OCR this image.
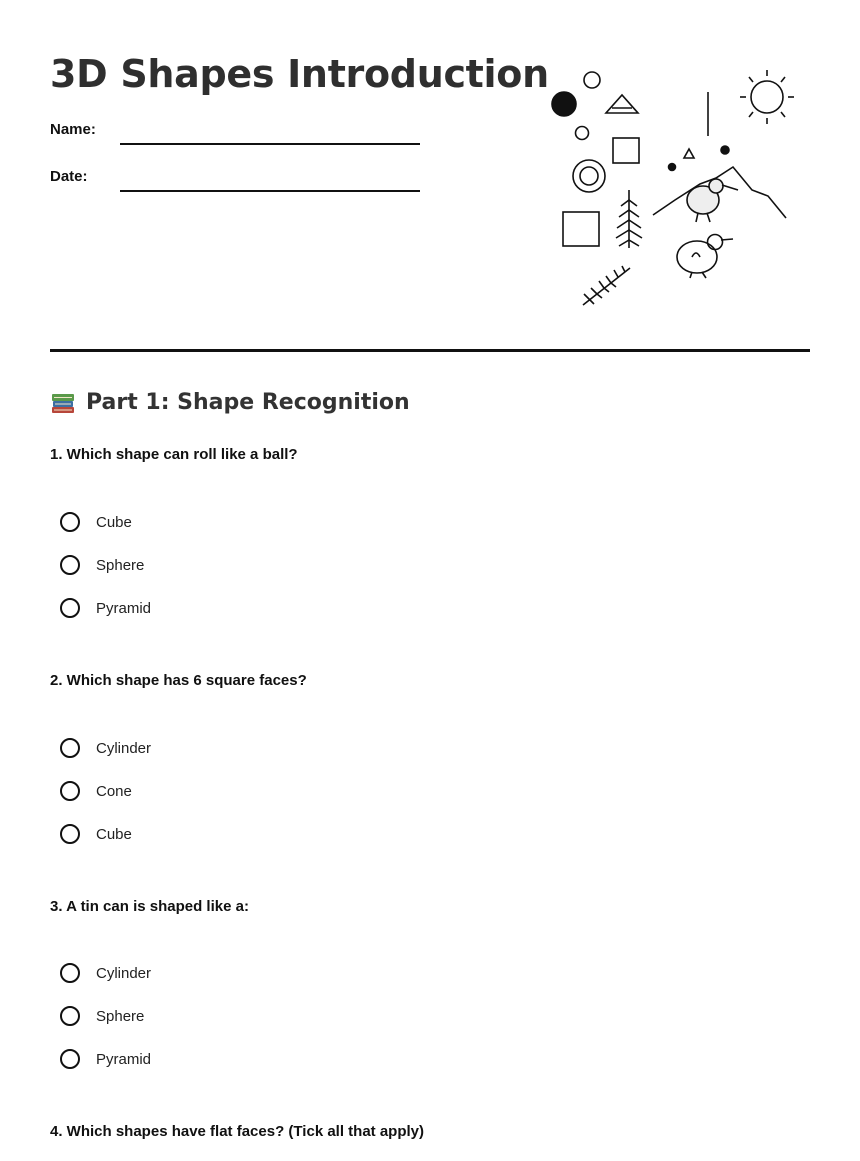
3D Shapes Introduction
Name:
Date:
Part 1: Shape Recognition

1. Which shape can roll like a ball?

Cube
Sphere
Pyramid

2. Which shape has 6 square faces?

Cylinder
Cone
Cube

3. A tin can is shaped like a:

Cylinder
Sphere
Pyramid

4. Which shapes have flat faces? (Tick all that apply)
